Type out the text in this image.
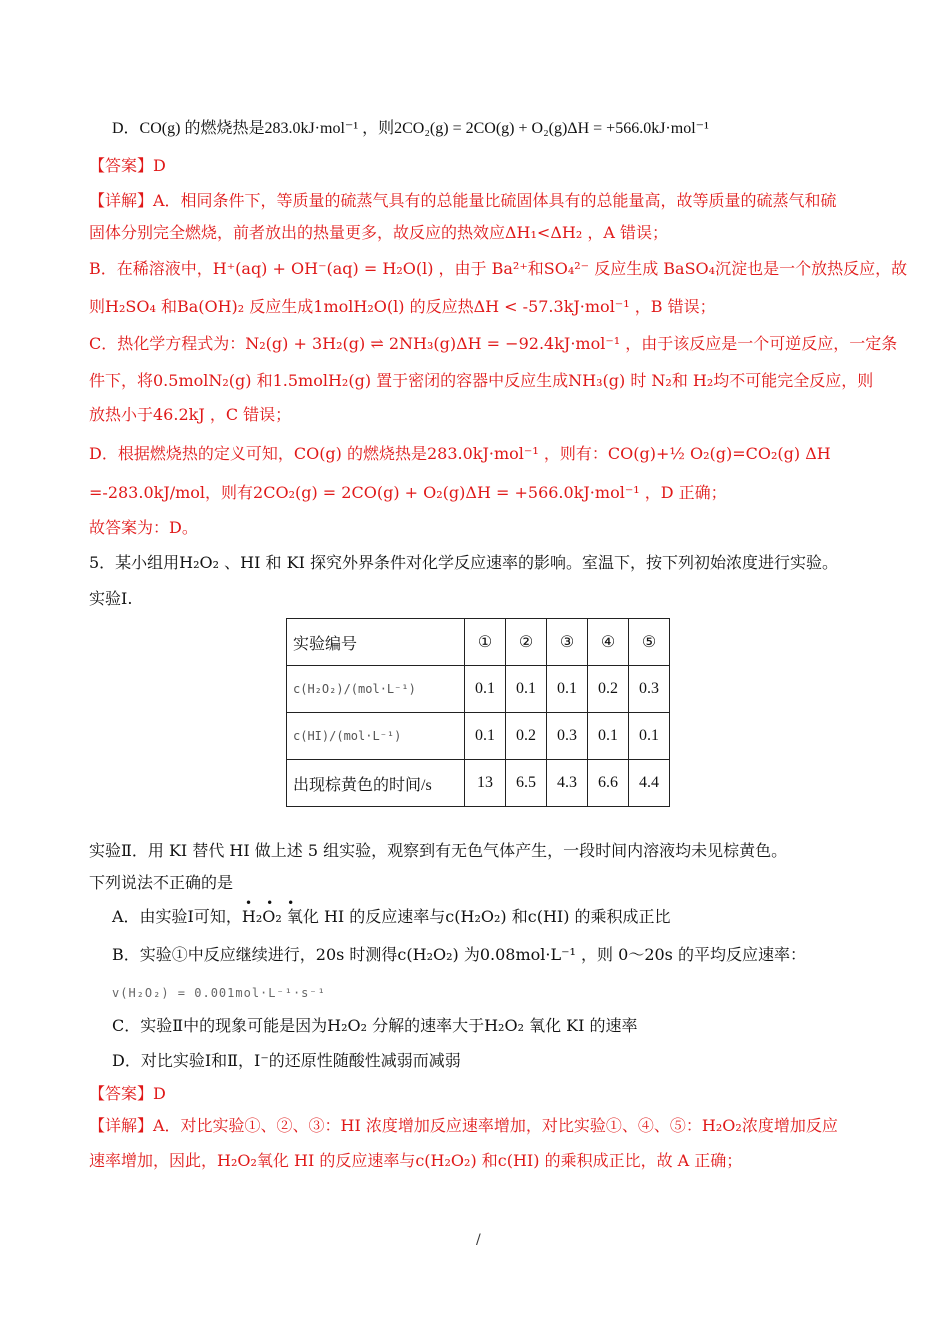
D．CO(g) 的燃烧热是283.0kJ·mol⁻¹ ，则2CO₂(g) = 2CO(g) + O₂(g)ΔH = +566.0kJ·mol⁻¹
【答案】D
【详解】A．相同条件下，等质量的硫蒸气具有的总能量比硫固体具有的总能量高，故等质量的硫蒸气和硫
固体分别完全燃烧，前者放出的热量更多，故反应的热效应ΔH₁<ΔH₂ ，A 错误；
B．在稀溶液中，H⁺(aq) + OH⁻(aq) = H₂O(l) ，由于 Ba²⁺和SO₄²⁻ 反应生成 BaSO₄沉淀也是一个放热反应，故
则H₂SO₄ 和Ba(OH)₂ 反应生成1molH₂O(l) 的反应热ΔH < -57.3kJ·mol⁻¹ ，B 错误；
C．热化学方程式为：N₂(g) + 3H₂(g) ⇌ 2NH₃(g)ΔH = −92.4kJ·mol⁻¹ ，由于该反应是一个可逆反应，一定条
件下，将0.5molN₂(g) 和1.5molH₂(g) 置于密闭的容器中反应生成NH₃(g) 时 N₂和 H₂均不可能完全反应，则
放热小于46.2kJ ，C 错误；
D．根据燃烧热的定义可知，CO(g) 的燃烧热是283.0kJ·mol⁻¹ ，则有：CO(g)+½ O₂(g)=CO₂(g) ΔH
=-283.0kJ/mol，则有2CO₂(g) = 2CO(g) + O₂(g)ΔH = +566.0kJ·mol⁻¹ ，D 正确；
故答案为：D。
5．某小组用H₂O₂ 、HI 和 KI 探究外界条件对化学反应速率的影响。室温下，按下列初始浓度进行实验。
实验Ⅰ.
实验编号	①	②	③	④	⑤
c(H₂O₂)/(mol·L⁻¹)	0.1	0.1	0.1	0.2	0.3
c(HI)/(mol·L⁻¹)	0.1	0.2	0.3	0.1	0.1
出现棕黄色的时间/s	13	6.5	4.3	6.6	4.4
实验Ⅱ．用 KI 替代 HI 做上述 5 组实验，观察到有无色气体产生，一段时间内溶液均未见棕黄色。
下列说法不正确的是
•••
A．由实验Ⅰ可知，H₂O₂ 氧化 HI 的反应速率与c(H₂O₂) 和c(HI) 的乘积成正比
B．实验①中反应继续进行，20s 时测得c(H₂O₂) 为0.08mol·L⁻¹ ，则 0～20s 的平均反应速率：
v(H₂O₂) = 0.001mol·L⁻¹·s⁻¹
C．实验Ⅱ中的现象可能是因为H₂O₂ 分解的速率大于H₂O₂ 氧化 KI 的速率
D．对比实验Ⅰ和Ⅱ，I⁻的还原性随酸性减弱而减弱
【答案】D
【详解】A．对比实验①、②、③：HI 浓度增加反应速率增加，对比实验①、④、⑤：H₂O₂浓度增加反应
速率增加，因此，H₂O₂氧化 HI 的反应速率与c(H₂O₂) 和c(HI) 的乘积成正比，故 A 正确；
/
